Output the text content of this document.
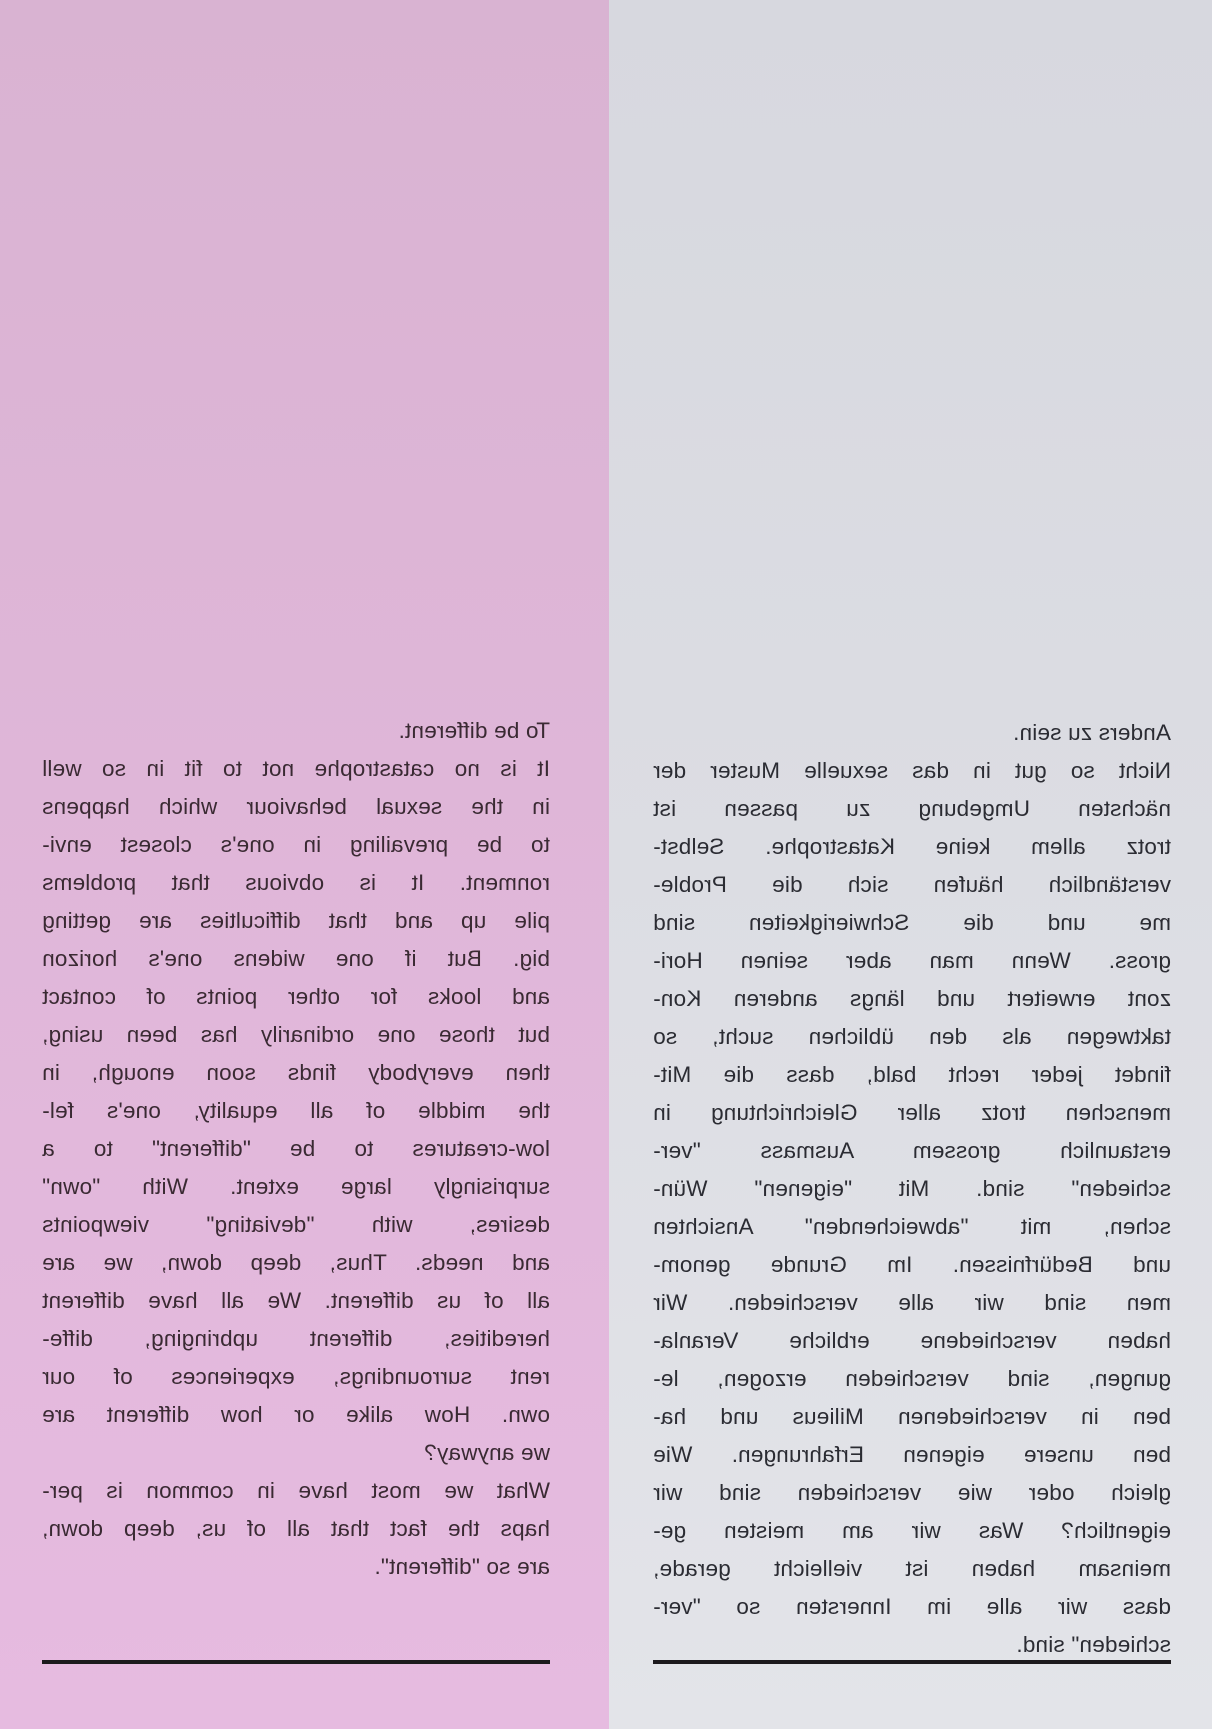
To be different.
It is no catastrophe not to fit in so well
in the sexual behaviour which happens
to be prevailing in one's closest envi-
ronment. It is obvious that problems
pile up and that difficulties are getting
big. But if one widens one's horizon
and looks for other points of contact
but those one ordinarily has been using,
then everybody finds soon enough, in
the middle of all equality, one's fel-
low-creatures to be "different" to a
surprisingly large extent. With "own"
desires, with "deviating" viewpoints
and needs. Thus, deep down, we are
all of us different. We all have different
heredities, different upbringing, diffe-
rent surroundings, experiences of our
own. How alike or how different are
we anyway?
What we most have in common is per-
haps the fact that all of us, deep down,
are so "different".
Anders zu sein.
Nicht so gut in das sexuelle Muster der
nächsten Umgebung zu passen ist
trotz allem keine Katastrophe. Selbst-
verständlich häufen sich die Proble-
me und die Schwierigkeiten sind
gross. Wenn man aber seinen Hori-
zont erweitert und längs anderen Kon-
taktwegen als den üblichen sucht, so
findet jeder recht bald, dass die Mit-
menschen trotz aller Gleichrichtung in
erstaunlich grossem Ausmass "ver-
schieden" sind. Mit "eigenen" Wün-
schen, mit "abweichenden" Ansichten
und Bedürfnissen. Im Grunde genom-
men sind wir alle verschieden. Wir
haben verschiedene erbliche Veranla-
gungen, sind verschieden erzogen, le-
ben in verschiedenen Milieus und ha-
ben unsere eigenen Erfahrungen. Wie
gleich oder wie verschieden sind wir
eigentlich? Was wir am meisten ge-
meinsam haben ist vielleicht gerade,
dass wir alle im Innersten so "ver-
schieden" sind.
